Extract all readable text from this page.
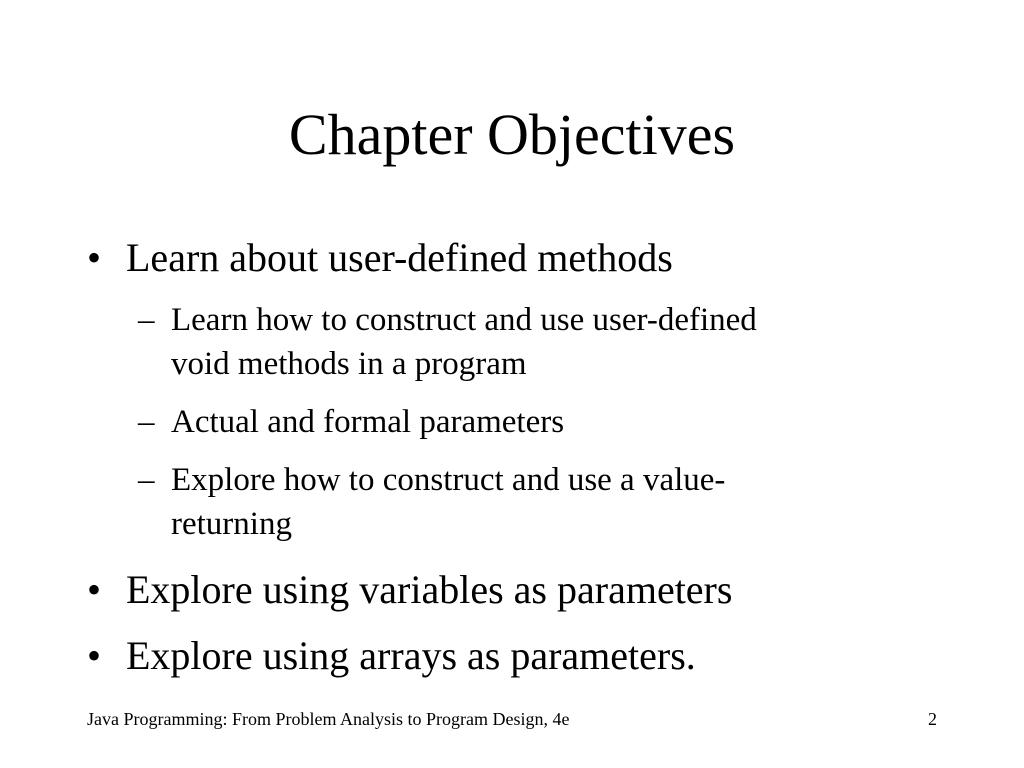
Chapter Objectives
• Learn about user-defined methods
– Learn how to construct and use user-defined
void methods in a program
– Actual and formal parameters
– Explore how to construct and use a value-
returning
• Explore using variables as parameters
• Explore using arrays as parameters.
Java Programming: From Problem Analysis to Program Design, 4e	2
